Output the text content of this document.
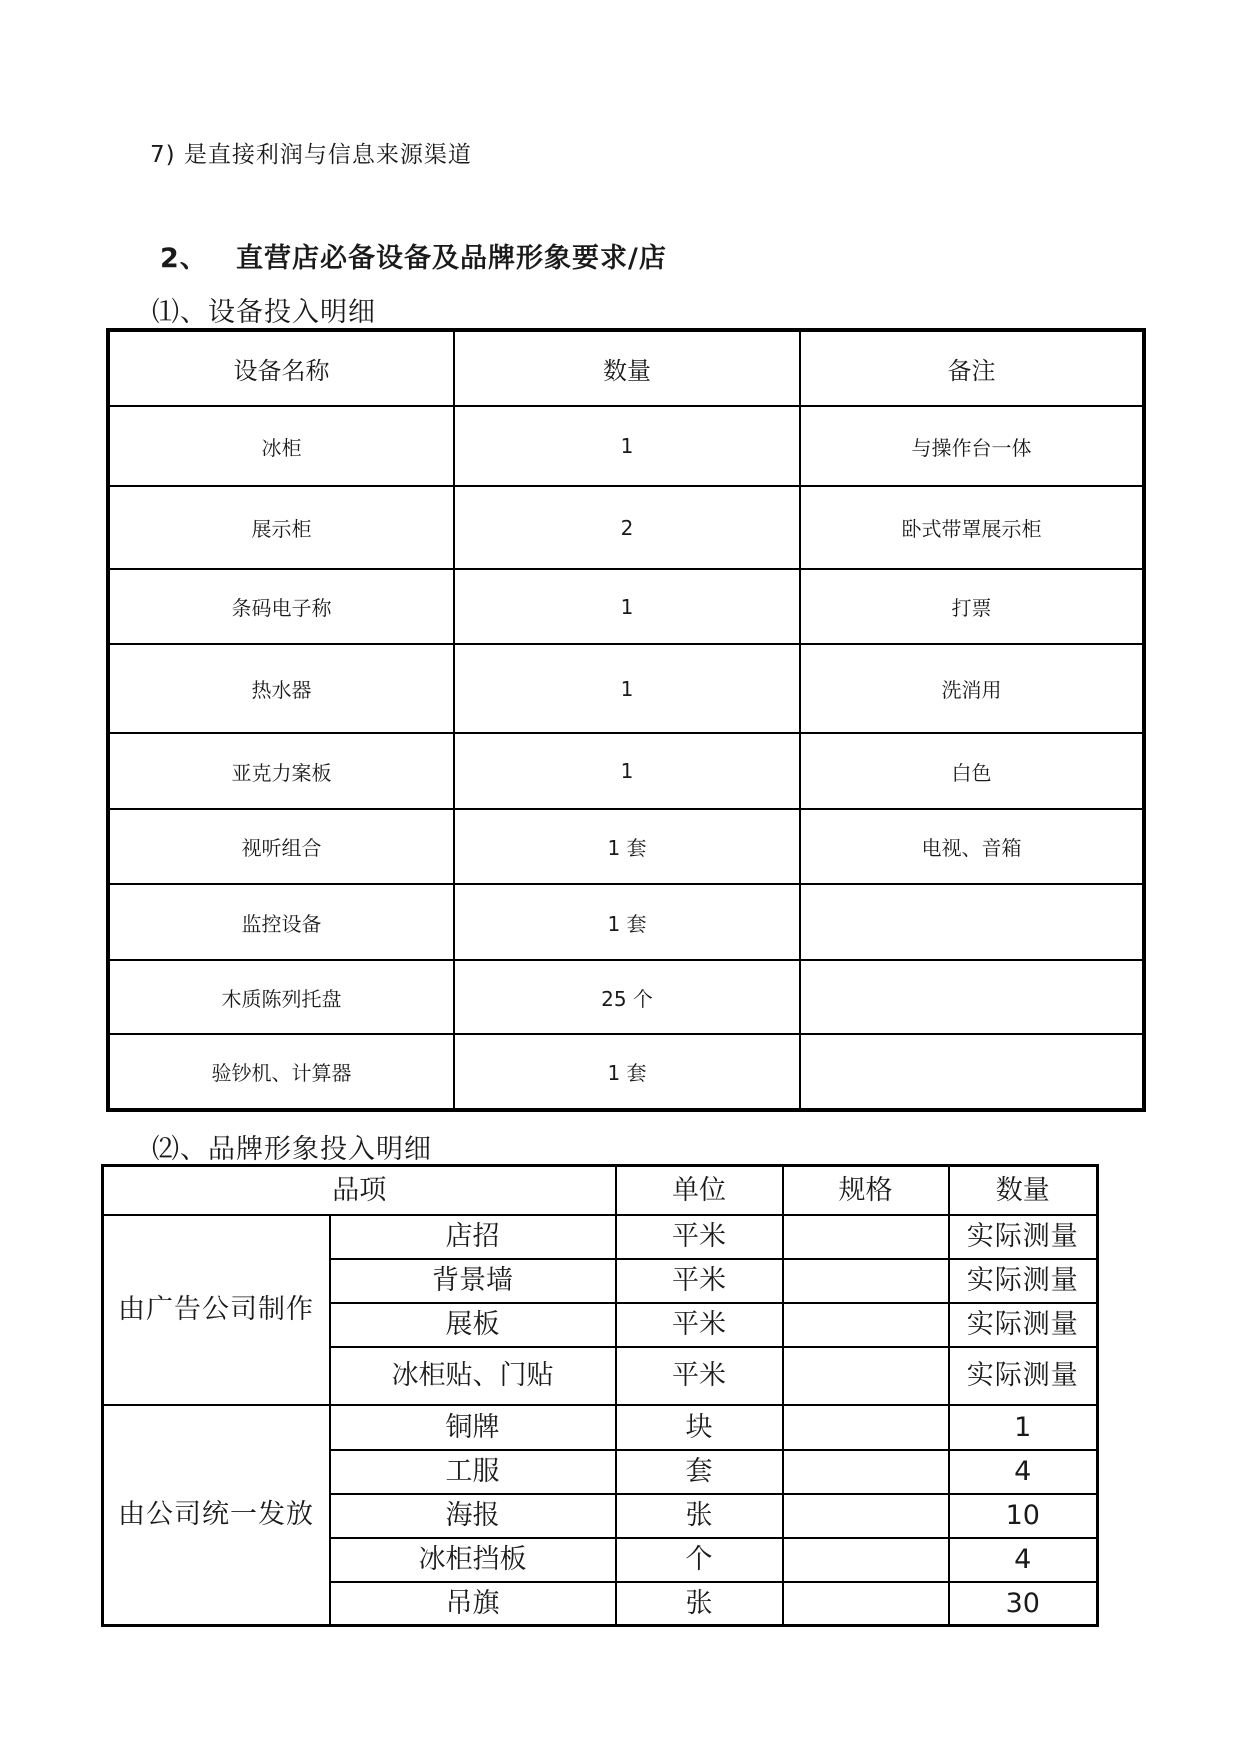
7) 是直接利润与信息来源渠道
2、 直营店必备设备及品牌形象要求/店
⑴、设备投入明细
设备名称	数量	备注
冰柜	1	与操作台一体
展示柜	2	卧式带罩展示柜
条码电子称	1	打票
热水器	1	洗消用
亚克力案板	1	白色
视听组合	1 套	电视、音箱
监控设备	1 套	
木质陈列托盘	25 个	
验钞机、计算器	1 套	
⑵、品牌形象投入明细
品项		单位	规格	数量
由广告公司制作	店招	平米		实际测量
	背景墙	平米		实际测量
	展板	平米		实际测量
	冰柜贴、门贴	平米		实际测量
由公司统一发放	铜牌	块		1
	工服	套		4
	海报	张		10
	冰柜挡板	个		4
	吊旗	张		30
